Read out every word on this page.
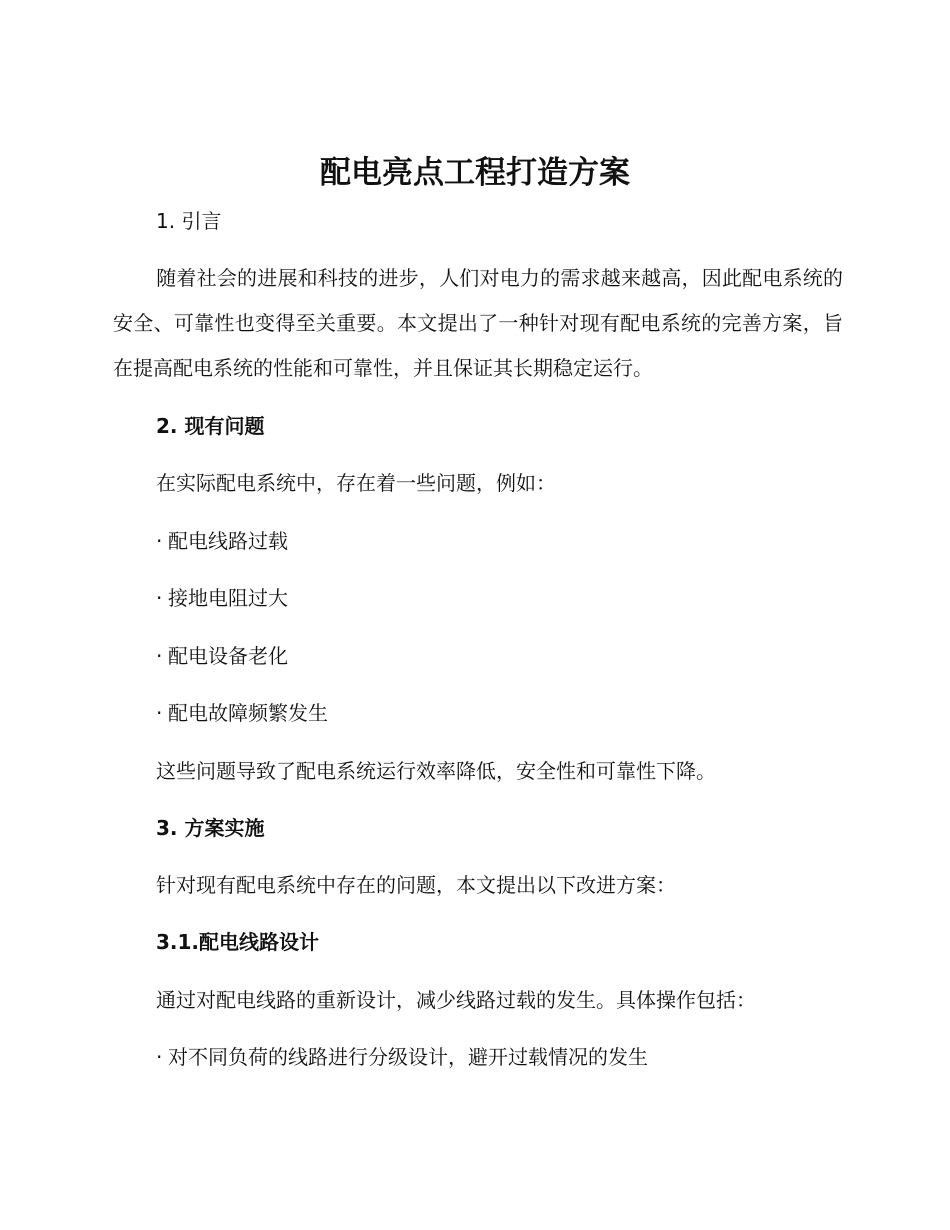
配电亮点工程打造方案
1. 引言

随着社会的进展和科技的进步，人们对电力的需求越来越高，因此配电系统的安全、可靠性也变得至关重要。本文提出了一种针对现有配电系统的完善方案，旨在提高配电系统的性能和可靠性，并且保证其长期稳定运行。

2. 现有问题

在实际配电系统中，存在着一些问题，例如：

· 配电线路过载

· 接地电阻过大

· 配电设备老化

· 配电故障频繁发生

这些问题导致了配电系统运行效率降低，安全性和可靠性下降。

3. 方案实施

针对现有配电系统中存在的问题，本文提出以下改进方案：

3.1.配电线路设计

通过对配电线路的重新设计，减少线路过载的发生。具体操作包括：

· 对不同负荷的线路进行分级设计，避开过载情况的发生
